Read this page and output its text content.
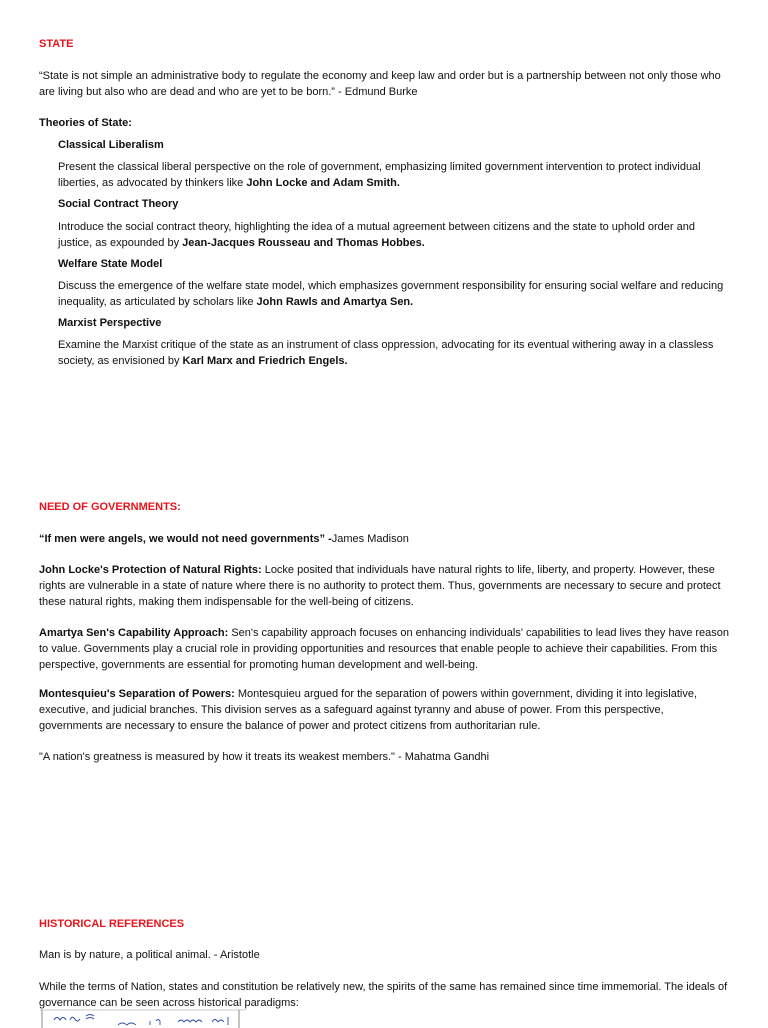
STATE
“State is not simple an administrative body to regulate the economy and keep law and order but is a partnership between not only those who are living but also who are dead and who are yet to be born.” - Edmund Burke
Theories of State:
Classical Liberalism
Present the classical liberal perspective on the role of government, emphasizing limited government intervention to protect individual liberties, as advocated by thinkers like John Locke and Adam Smith.
Social Contract Theory
Introduce the social contract theory, highlighting the idea of a mutual agreement between citizens and the state to uphold order and justice, as expounded by Jean-Jacques Rousseau and Thomas Hobbes.
Welfare State Model
Discuss the emergence of the welfare state model, which emphasizes government responsibility for ensuring social welfare and reducing inequality, as articulated by scholars like John Rawls and Amartya Sen.
Marxist Perspective
Examine the Marxist critique of the state as an instrument of class oppression, advocating for its eventual withering away in a classless society, as envisioned by Karl Marx and Friedrich Engels.
NEED OF GOVERNMENTS:
“If men were angels, we would not need governments” -James Madison
John Locke's Protection of Natural Rights: Locke posited that individuals have natural rights to life, liberty, and property. However, these rights are vulnerable in a state of nature where there is no authority to protect them. Thus, governments are necessary to secure and protect these natural rights, making them indispensable for the well-being of citizens.
Amartya Sen's Capability Approach: Sen's capability approach focuses on enhancing individuals' capabilities to lead lives they have reason to value. Governments play a crucial role in providing opportunities and resources that enable people to achieve their capabilities. From this perspective, governments are essential for promoting human development and well-being.
Montesquieu's Separation of Powers: Montesquieu argued for the separation of powers within government, dividing it into legislative, executive, and judicial branches. This division serves as a safeguard against tyranny and abuse of power. From this perspective, governments are necessary to ensure the balance of power and protect citizens from authoritarian rule.
"A nation's greatness is measured by how it treats its weakest members." - Mahatma Gandhi
HISTORICAL REFERENCES
Man is by nature, a political animal. - Aristotle
While the terms of Nation, states and constitution be relatively new, the spirits of the same has remained since time immemorial. The ideals of governance can be seen across historical paradigms:
